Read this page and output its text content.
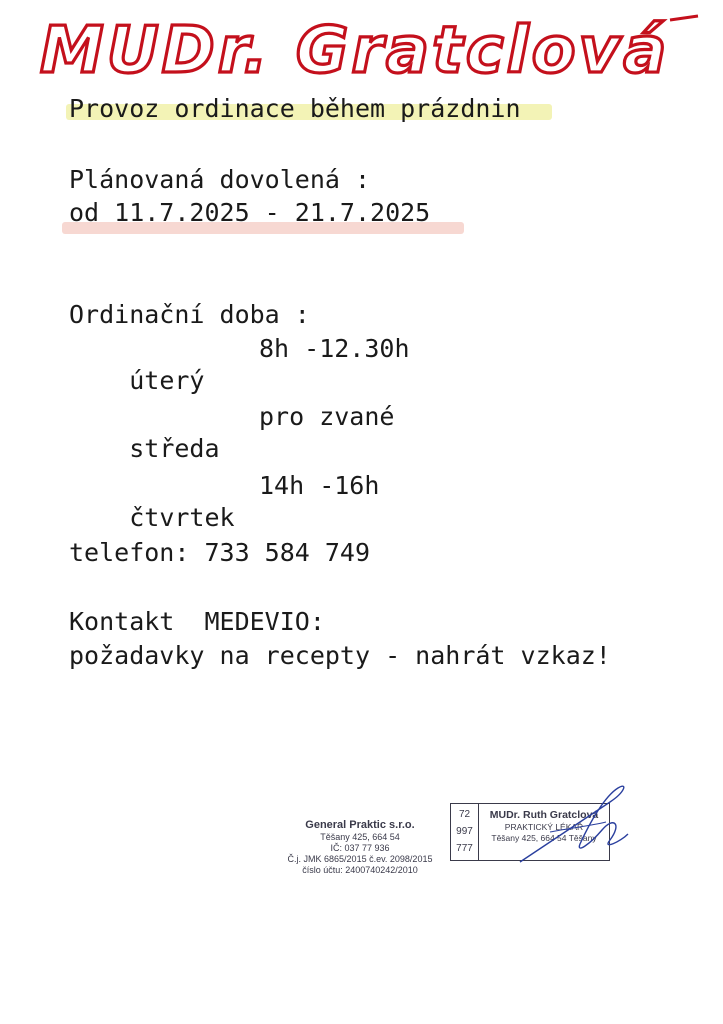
MUDr. Gratclová
Provoz ordinace během prázdnin
Plánovaná dovolená :
od 11.7.2025 - 21.7.2025
Ordinační doba :

úterý

8h -12.30h

středa

pro zvané

čtvrtek

14h -16h
telefon: 733 584 749
Kontakt  MEDEVIO:
požadavky na recepty - nahrát vzkaz!
General Praktic s.r.o.
Těšany 425, 664 54
IČ: 037 77 936
Č.j. JMK 6865/2015 č.ev. 2098/2015
číslo účtu: 2400740242/2010
72
997
777
MUDr. Ruth Gratclová
PRAKTICKÝ LÉKAŘ
Těšany 425, 664 54 Těšany
